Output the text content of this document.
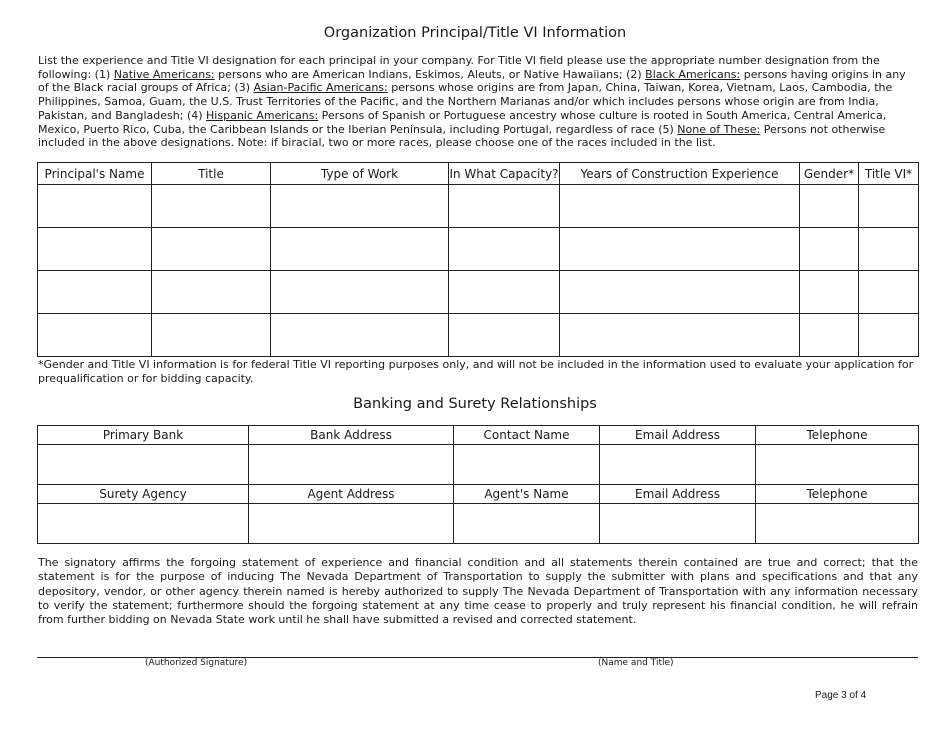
Organization Principal/Title VI Information
List the experience and Title VI designation for each principal in your company. For Title VI field please use the appropriate number designation from the following: (1) Native Americans: persons who are American Indians, Eskimos, Aleuts, or Native Hawaiians; (2) Black Americans: persons having origins in any of the Black racial groups of Africa; (3) Asian-Pacific Americans: persons whose origins are from Japan, China, Taiwan, Korea, Vietnam, Laos, Cambodia, the Philippines, Samoa, Guam, the U.S. Trust Territories of the Pacific, and the Northern Marianas and/or which includes persons whose origin are from India, Pakistan, and Bangladesh; (4) Hispanic Americans: Persons of Spanish or Portuguese ancestry whose culture is rooted in South America, Central America, Mexico, Puerto Rico, Cuba, the Caribbean Islands or the Iberian Peninsula, including Portugal, regardless of race (5) None of These: Persons not otherwise included in the above designations. Note: if biracial, two or more races, please choose one of the races included in the list.
Principal's Name	Title	Type of Work	In What Capacity?	Years of Construction Experience	Gender*	Title VI*

*Gender and Title VI information is for federal Title VI reporting purposes only, and will not be included in the information used to evaluate your application for prequalification or for bidding capacity.
Banking and Surety Relationships
Primary Bank	Bank Address	Contact Name	Email Address	Telephone

Surety Agency	Agent Address	Agent's Name	Email Address	Telephone

The signatory affirms the forgoing statement of experience and financial condition and all statements therein contained are true and correct; that the statement is for the purpose of inducing The Nevada Department of Transportation to supply the submitter with plans and specifications and that any depository, vendor, or other agency therein named is hereby authorized to supply The Nevada Department of Transportation with any information necessary to verify the statement; furthermore should the forgoing statement at any time cease to properly and truly represent his financial condition, he will refrain from further bidding on Nevada State work until he shall have submitted a revised and corrected statement.
(Authorized Signature)	(Name and Title)
Page 3 of 4
